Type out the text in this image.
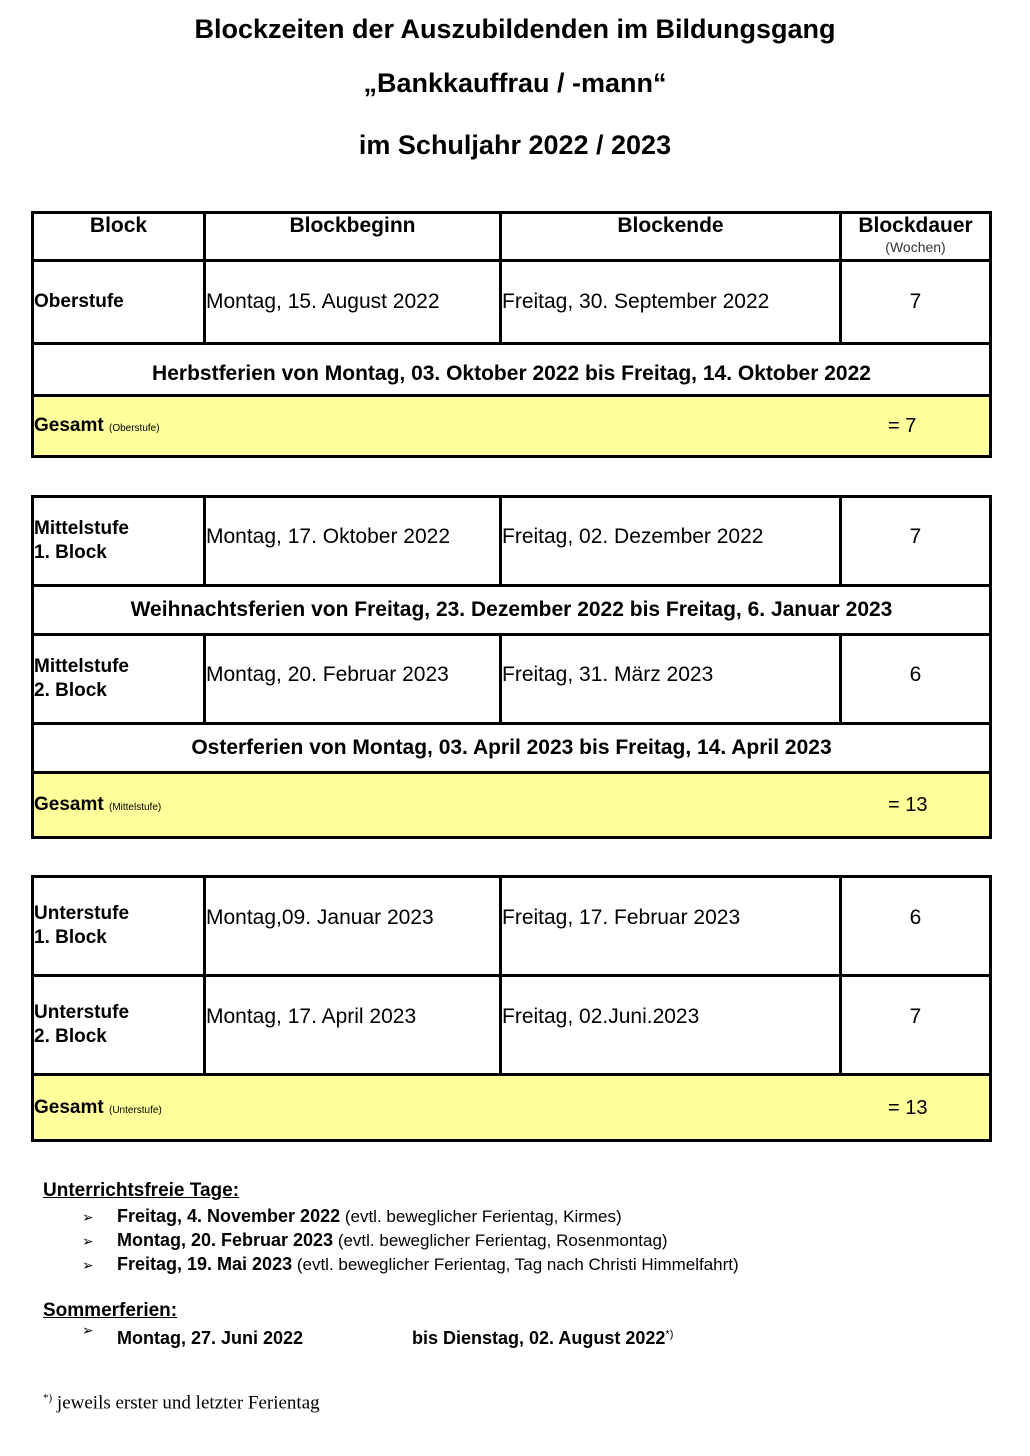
Blockzeiten der Auszubildenden im Bildungsgang
„Bankkauffrau / -mann“
im Schuljahr 2022 / 2023
Block	Blockbeginn	Blockende	Blockdauer
(Wochen)

Oberstufe	Montag, 15. August 2022	Freitag, 30. September 2022	7
Herbstferien von Montag, 03. Oktober 2022 bis Freitag, 14. Oktober 2022			
Gesamt (Oberstufe) = 7			
Mittelstufe
1. Block	Montag, 17. Oktober 2022	Freitag, 02. Dezember 2022	7
Weihnachtsferien von Freitag, 23. Dezember 2022 bis Freitag, 6. Januar 2023			
Mittelstufe
2. Block	Montag, 20. Februar 2023	Freitag, 31. März 2023	6
Osterferien von Montag, 03. April 2023 bis Freitag, 14. April 2023			
Gesamt (Mittelstufe) = 13			
Unterstufe
1. Block	Montag,09. Januar 2023	Freitag, 17. Februar 2023	6
Unterstufe
2. Block	Montag, 17. April 2023	Freitag, 02.Juni.2023	7
Gesamt (Unterstufe) = 13			
Unterrichtsfreie Tage:
➢ Freitag, 4. November 2022 (evtl. beweglicher Ferientag, Kirmes)
➢ Montag, 20. Februar 2023 (evtl. beweglicher Ferientag, Rosenmontag)
➢ Freitag, 19. Mai 2023 (evtl. beweglicher Ferientag, Tag nach Christi Himmelfahrt)
Sommerferien:
➢ Montag, 27. Juni 2022	bis Dienstag, 02. August 2022*)
*) jeweils erster und letzter Ferientag
